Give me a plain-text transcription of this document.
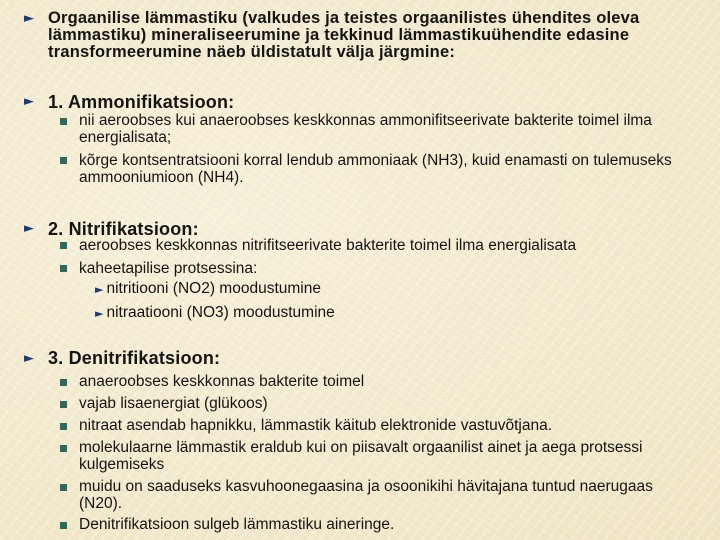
► Orgaanilise lämmastiku (valkudes ja teistes orgaanilistes ühendites oleva lämmastiku) mineraliseerumine ja tekkinud lämmastikuühendite edasine transformeerumine näeb üldistatult välja järgmine:
► 1. Ammonifikatsioon:
nii aeroobses kui anaeroobses keskkonnas ammonifitseerivate bakterite toimel ilma energialisata;
kõrge kontsentratsiooni korral lendub ammoniaak (NH3), kuid enamasti on tulemuseks ammooniumioon (NH4).
► 2. Nitrifikatsioon:
aeroobses keskkonnas nitrifitseerivate bakterite toimel ilma energialisata
kaheetapilise protsessina:
► nitritiooni (NO2) moodustumine
► nitraatiooni (NO3) moodustumine
► 3. Denitrifikatsioon:
anaeroobses keskkonnas bakterite toimel
vajab lisaenergiat (glükoos)
nitraat asendab hapnikku, lämmastik käitub elektronide vastuvõtjana.
molekulaarne lämmastik eraldub kui on piisavalt orgaanilist ainet ja aega protsessi kulgemiseks
muidu on saaduseks kasvuhoonegaasina ja osoonikihi hävitajana tuntud naerugaas (N20).
Denitrifikatsioon sulgeb lämmastiku aineringe.
